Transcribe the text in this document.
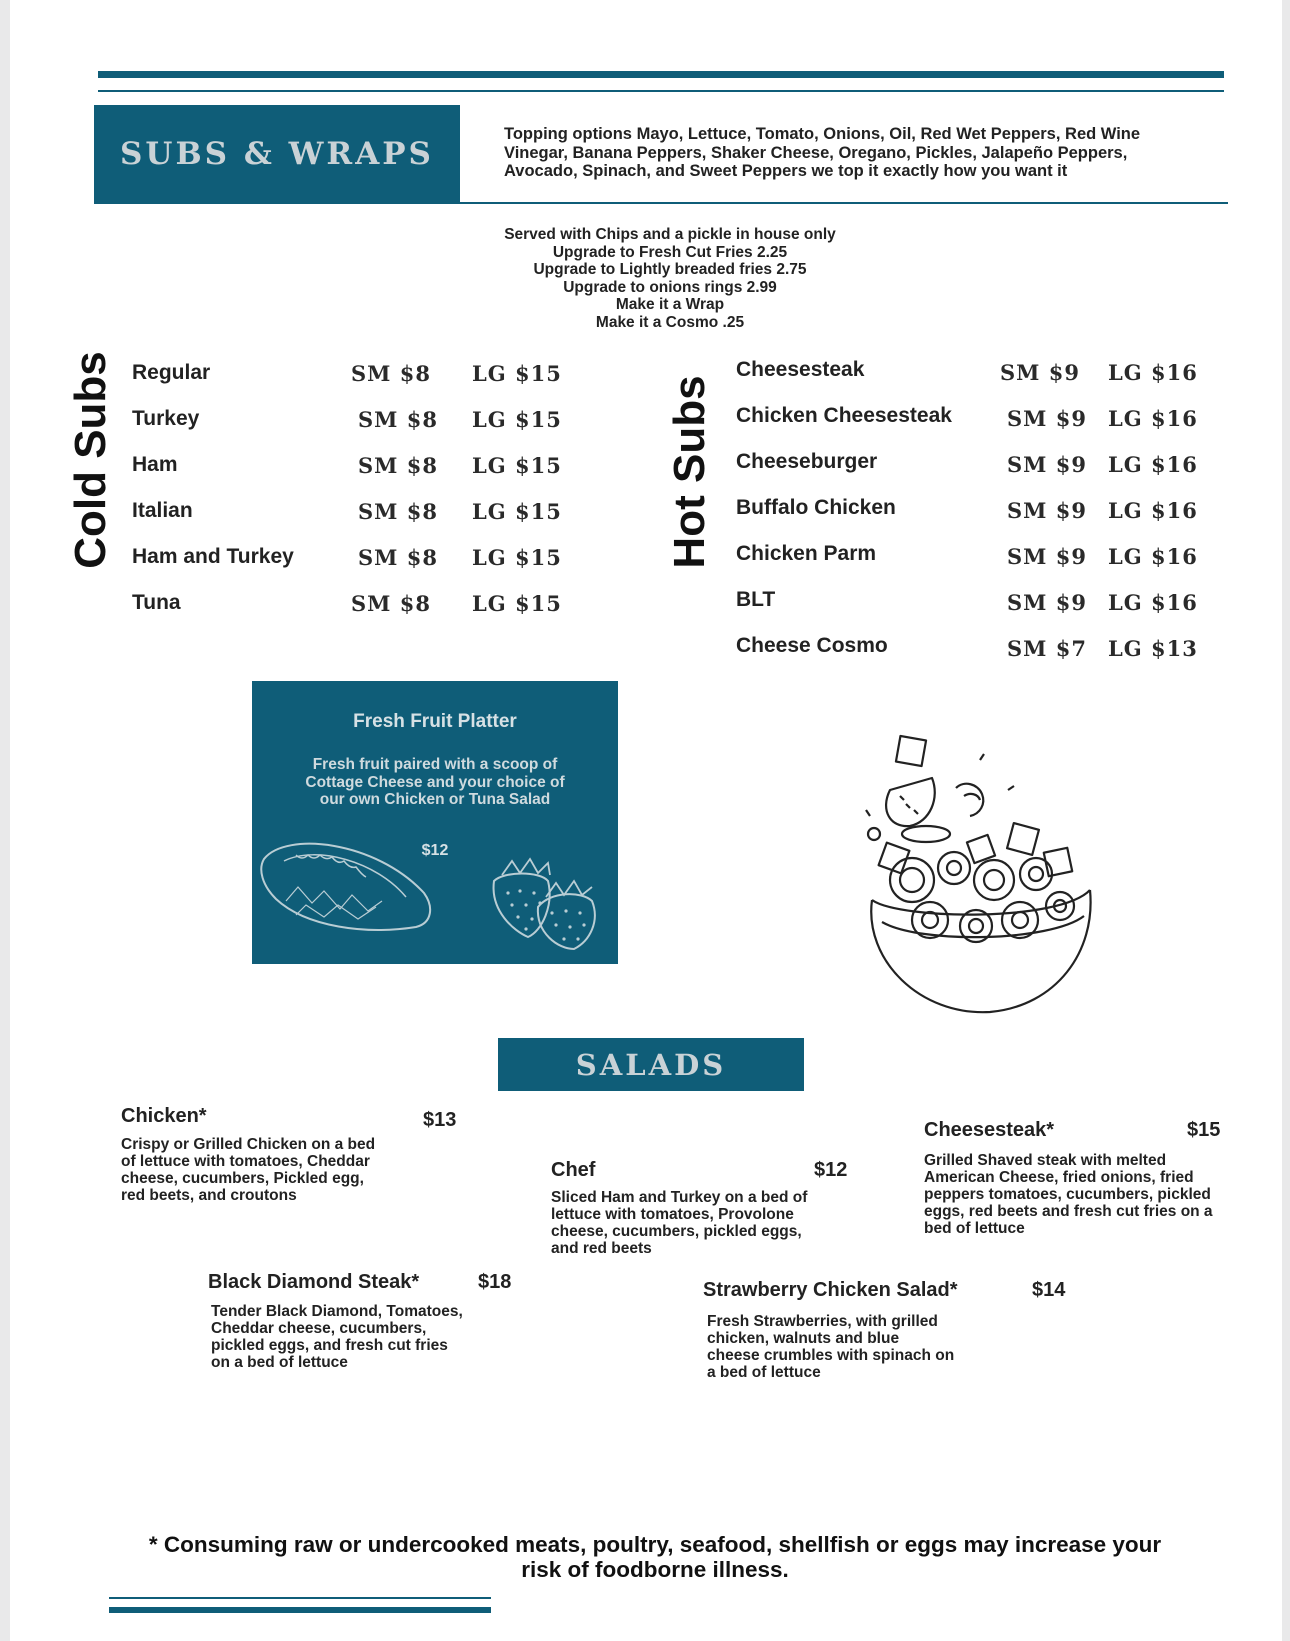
SUBS & WRAPS
Topping options Mayo, Lettuce, Tomato, Onions, Oil, Red Wet Peppers, Red Wine Vinegar, Banana Peppers, Shaker Cheese, Oregano, Pickles, Jalapeño Peppers, Avocado, Spinach, and Sweet Peppers we top it exactly how you want it
Served with Chips and a pickle in house only
Upgrade to Fresh Cut Fries 2.25
Upgrade to Lightly breaded fries 2.75
Upgrade to onions rings 2.99
Make it a Wrap
Make it a Cosmo .25
Cold Subs Regular	SM $8 LG $15
Turkey	SM $8 LG $15
Ham	SM $8 LG $15
Italian	SM $8 LG $15
Ham and Turkey	SM $8 LG $15
Tuna	SM $8 LG $15
Hot Subs
Cheesesteak	SM $9 LG $16
Chicken Cheesesteak	SM $9 LG $16
Cheeseburger	SM $9 LG $16
Buffalo Chicken	SM $9 LG $16
Chicken Parm	SM $9 LG $16
BLT	SM $9 LG $16
Cheese Cosmo	SM $7 LG $13
Fresh Fruit Platter
Fresh fruit paired with a scoop of Cottage Cheese and your choice of our own Chicken or Tuna Salad
$12
SALADS
Chicken*	$13
Crispy or Grilled Chicken on a bed of lettuce with tomatoes, Cheddar cheese, cucumbers, Pickled egg, red beets, and croutons
Chef	$12
Sliced Ham and Turkey on a bed of lettuce with tomatoes, Provolone cheese, cucumbers, pickled eggs, and red beets
Cheesesteak*	$15
Grilled Shaved steak with melted American Cheese, fried onions, fried peppers tomatoes, cucumbers, pickled eggs, red beets and fresh cut fries on a bed of lettuce
Black Diamond Steak*	$18
Tender Black Diamond, Tomatoes, Cheddar cheese, cucumbers, pickled eggs, and fresh cut fries on a bed of lettuce
Strawberry Chicken Salad*	$14
Fresh Strawberries, with grilled chicken, walnuts and blue cheese crumbles with spinach on a bed of lettuce
* Consuming raw or undercooked meats, poultry, seafood, shellfish or eggs may increase your risk of foodborne illness.
